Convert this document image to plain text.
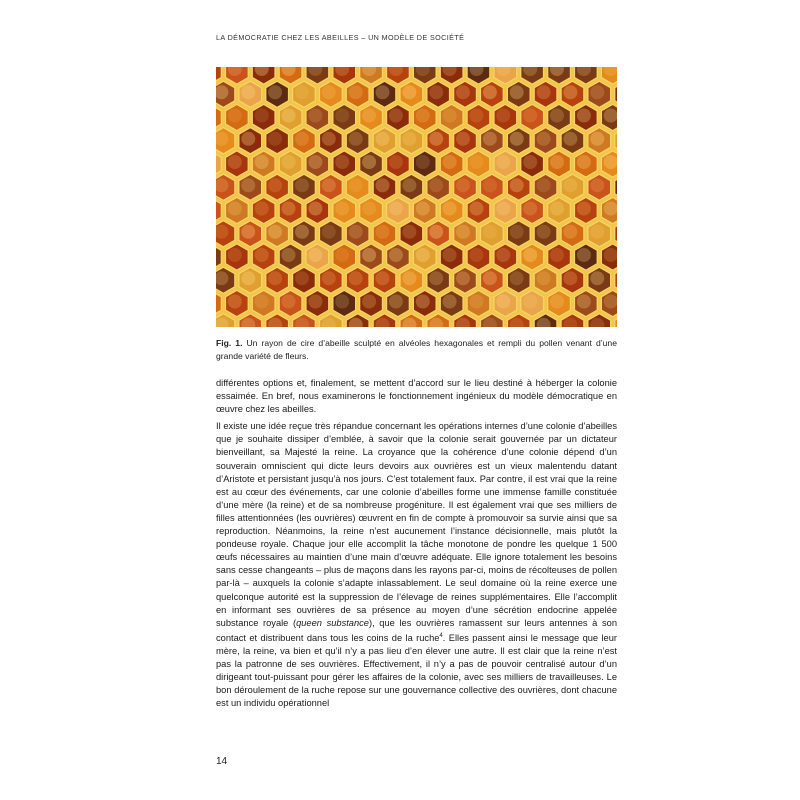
LA DÉMOCRATIE CHEZ LES ABEILLES – UN MODÈLE DE SOCIÉTÉ
Fig. 1. Un rayon de cire d’abeille sculpté en alvéoles hexagonales et rempli du pollen venant d’une grande variété de fleurs.

différentes options et, finalement, se mettent d’accord sur le lieu destiné à héberger la colonie essaimée. En bref, nous examinerons le fonctionnement ingénieux du modèle démocratique en œuvre chez les abeilles.

Il existe une idée reçue très répandue concernant les opérations internes d’une colonie d’abeilles que je souhaite dissiper d’emblée, à savoir que la colonie serait gouvernée par un dictateur bienveillant, sa Majesté la reine. La croyance que la cohérence d’une colonie dépend d’un souverain omniscient qui dicte leurs devoirs aux ouvrières est un vieux malentendu datant d’Aristote et persistant jusqu’à nos jours. C’est totalement faux. Par contre, il est vrai que la reine est au cœur des événements, car une colonie d’abeilles forme une immense famille constituée d’une mère (la reine) et de sa nombreuse progéniture. Il est également vrai que ses milliers de filles attentionnées (les ouvrières) œuvrent en fin de compte à promouvoir sa survie ainsi que sa reproduction. Néanmoins, la reine n’est aucunement l’instance décisionnelle, mais plutôt la pondeuse royale. Chaque jour elle accomplit la tâche monotone de pondre les quelque 1 500 œufs nécessaires au maintien d’une main d’œuvre adéquate. Elle ignore totalement les besoins sans cesse changeants – plus de maçons dans les rayons par-ci, moins de récolteuses de pollen par-là – auxquels la colonie s’adapte inlassablement. Le seul domaine où la reine exerce une quelconque autorité est la suppression de l’élevage de reines supplémentaires. Elle l’accomplit en informant ses ouvrières de sa présence au moyen d’une sécrétion endocrine appelée substance royale (queen substance), que les ouvrières ramassent sur leurs antennes à son contact et distribuent dans tous les coins de la ruche$^4$. Elles passent ainsi le message que leur mère, la reine, va bien et qu’il n’y a pas lieu d’en élever une autre. Il est clair que la reine n’est pas la patronne de ses ouvrières. Effectivement, il n’y a pas de pouvoir centralisé autour d’un dirigeant tout-puissant pour gérer les affaires de la colonie, avec ses milliers de travailleuses. Le bon déroulement de la ruche repose sur une gouvernance collective des ouvrières, dont chacune est un individu opérationnel

14
